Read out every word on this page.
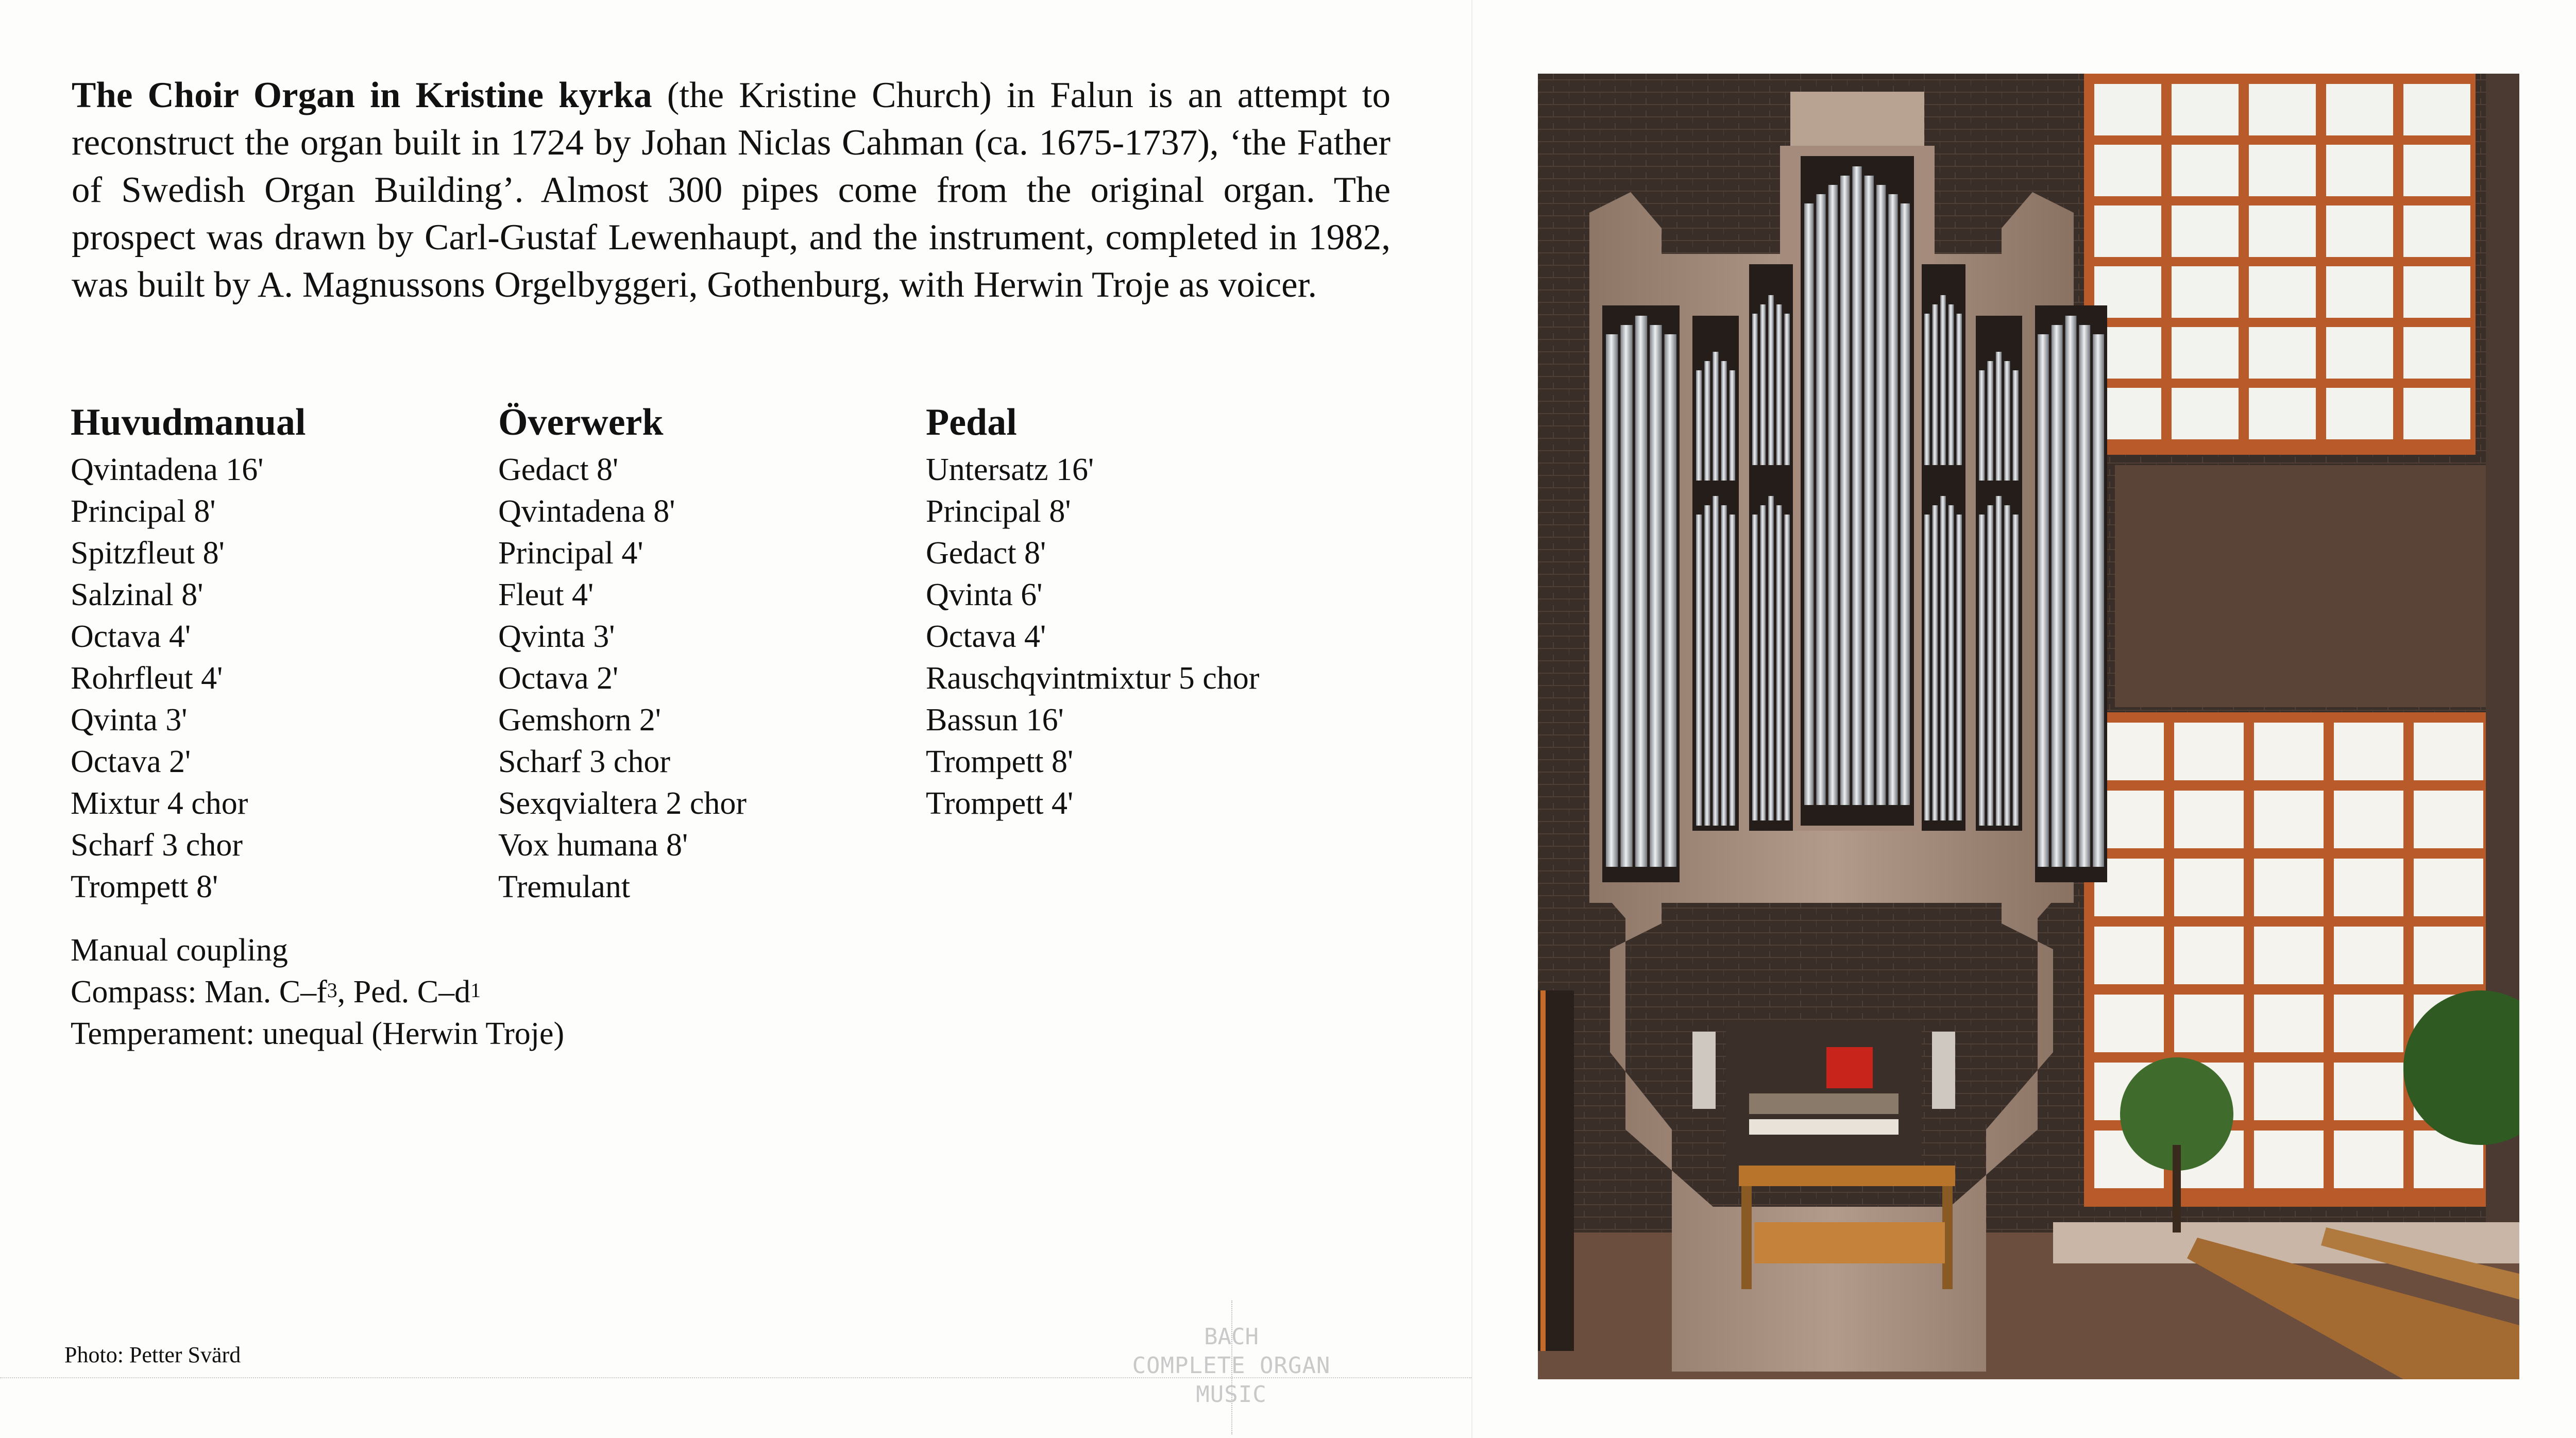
The Choir Organ in Kristine kyrka (the Kristine Church) in Falun is an attempt to reconstruct the organ built in 1724 by Johan Niclas Cahman (ca. 1675-1737), ‘the Father of Swedish Organ Building’. Almost 300 pipes come from the original organ. The prospect was drawn by Carl-Gustaf Lewenhaupt, and the instrument, completed in 1982, was built by A. Magnussons Orgelbyggeri, Gothenburg, with Herwin Troje as voicer.

Huvudmanual
Qvintadena 16'
Principal 8'
Spitzfleut 8'
Salzinal 8'
Octava 4'
Rohrfleut 4'
Qvinta 3'
Octava 2'
Mixtur 4 chor
Scharf 3 chor
Trompett 8'
Överwerk
Gedact 8'
Qvintadena 8'
Principal 4'
Fleut 4'
Qvinta 3'
Octava 2'
Gemshorn 2'
Scharf 3 chor
Sexqvialtera 2 chor
Vox humana 8'
Tremulant
Pedal
Untersatz 16'
Principal 8'
Gedact 8'
Qvinta 6'
Octava 4'
Rauschqvintmixtur 5 chor
Bassun 16'
Trompett 8'
Trompett 4'
Manual coupling
Compass: Man. $C-f^3$, Ped. $C-d^1$
Temperament: unequal (Herwin Troje)
Photo: Petter Svärd
BACH
COMPLETE ORGAN MUSIC
